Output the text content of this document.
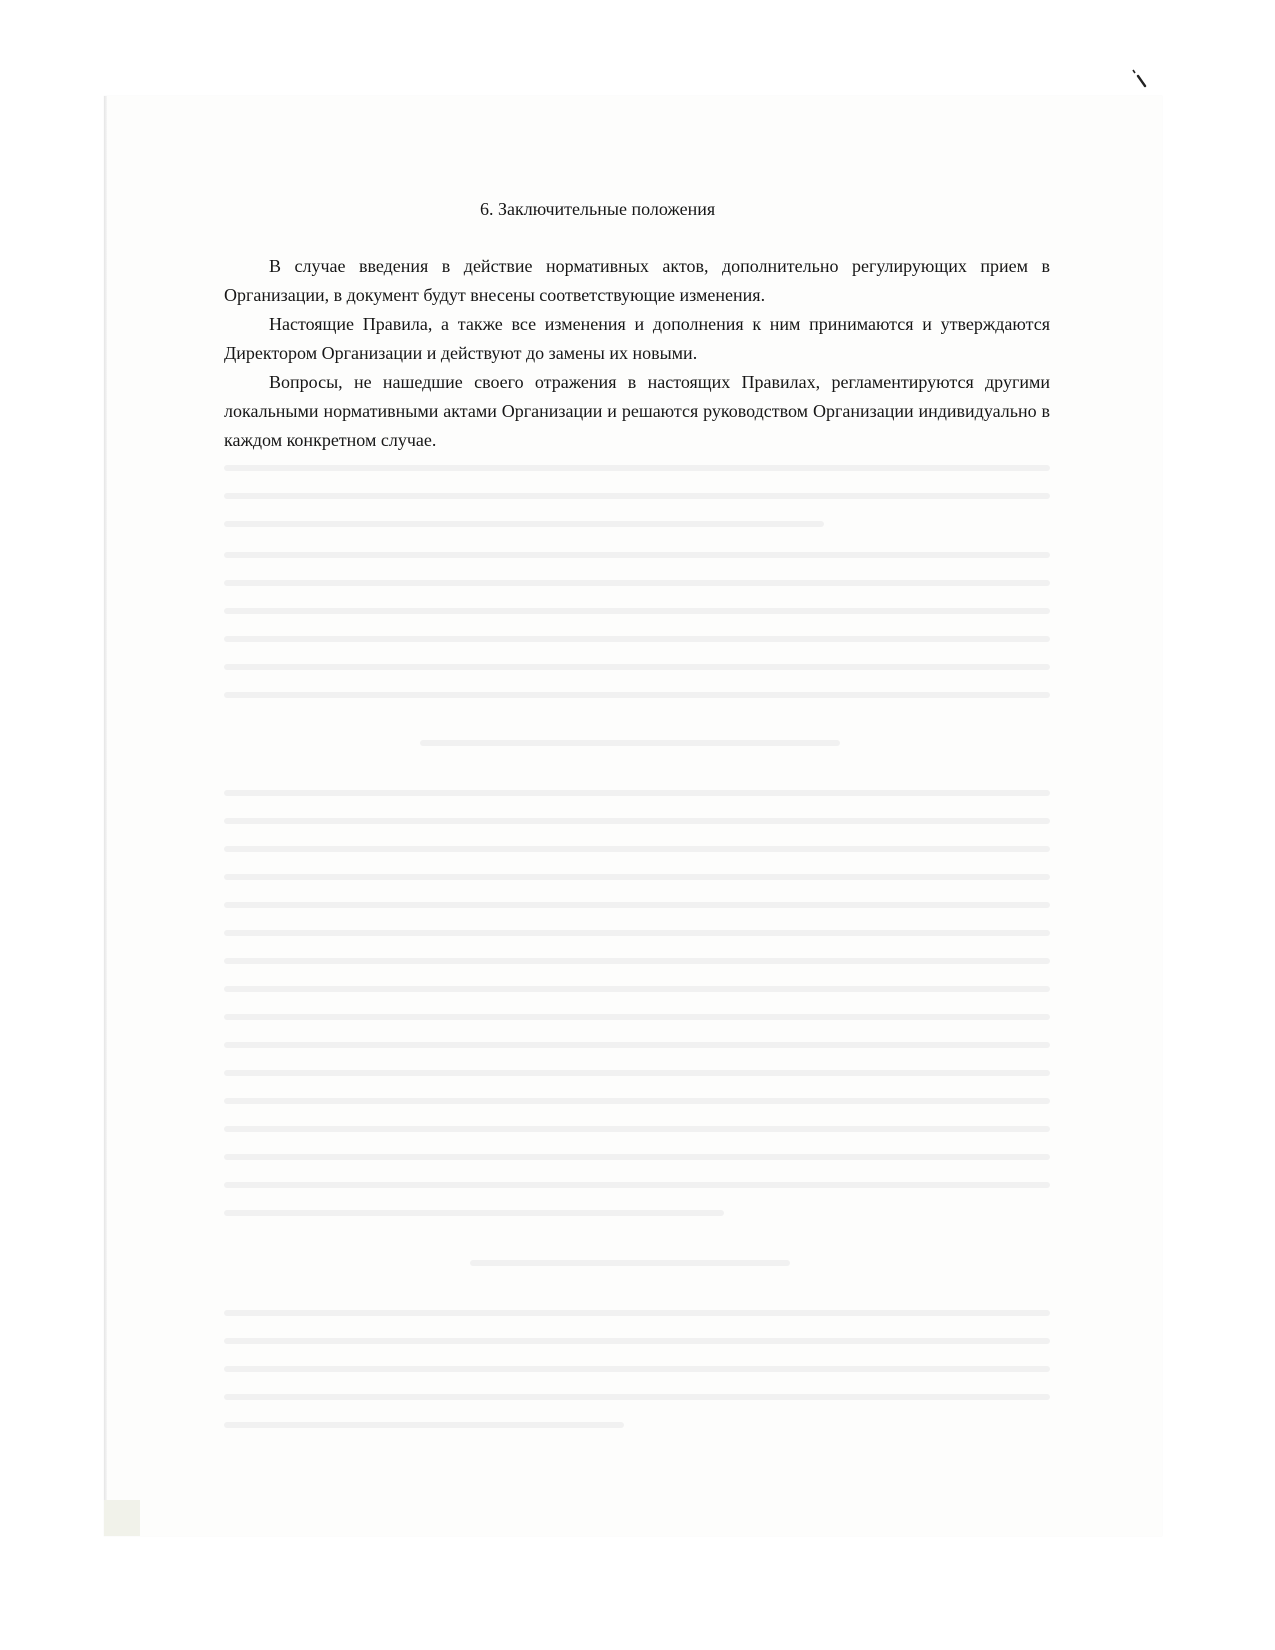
6. Заключительные положения

В случае введения в действие нормативных актов, дополнительно регулирующих прием в Организации, в документ будут внесены соответствующие изменения.

Настоящие Правила, а также все изменения и дополнения к ним принимаются и утверждаются Директором Организации и действуют до замены их новыми.

Вопросы, не нашедшие своего отражения в настоящих Правилах, регламентируются другими локальными нормативными актами Организации и решаются руководством Организации индивидуально в каждом конкретном случае.
